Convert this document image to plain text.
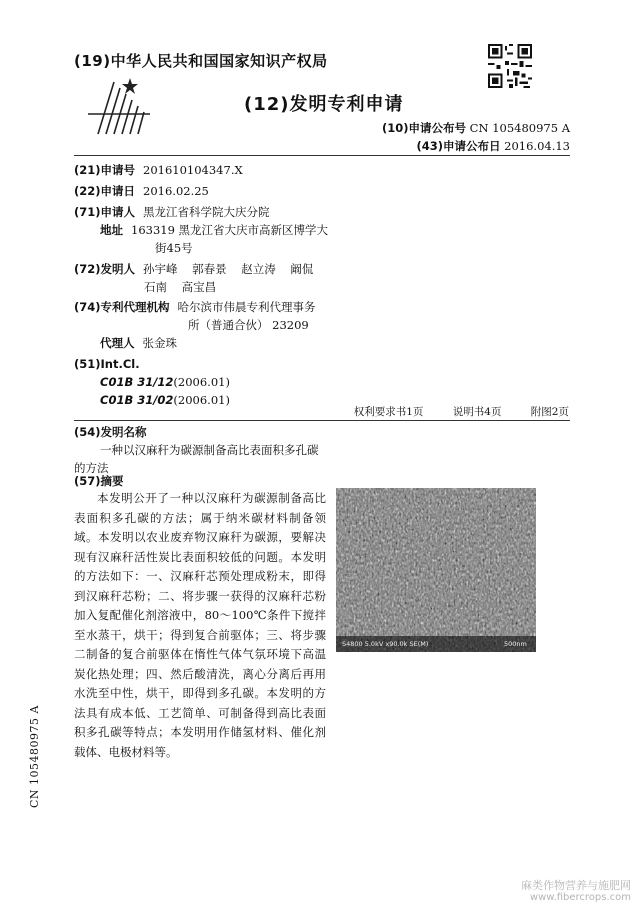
(19)中华人民共和国国家知识产权局
(12)发明专利申请
(10)申请公布号 CN 105480975 A
(43)申请公布日 2016.04.13
(21)申请号 201610104347.X
(22)申请日 2016.02.25
(71)申请人 黑龙江省科学院大庆分院
地址 163319 黑龙江省大庆市高新区博学大
街45号
(72)发明人 孙宇峰    郭春景    赵立涛    阚侃
石南    高宝昌
(74)专利代理机构 哈尔滨市伟晨专利代理事务
所（普通合伙） 23209
代理人 张金珠
(51)Int.Cl.
C01B 31/12(2006.01)
C01B 31/02(2006.01)
权利要求书1页    说明书4页    附图2页
(54)发明名称
一种以汉麻秆为碳源制备高比表面积多孔碳
的方法
(57)摘要
本发明公开了一种以汉麻秆为碳源制备高比表面积多孔碳的方法；属于纳米碳材料制备领域。本发明以农业废弃物汉麻秆为碳源，要解决现有汉麻秆活性炭比表面积较低的问题。本发明的方法如下：一、汉麻秆芯预处理成粉末，即得到汉麻秆芯粉；二、将步骤一获得的汉麻秆芯粉加入复配催化剂溶液中，80～100℃条件下搅拌至水蒸干，烘干；得到复合前驱体；三、将步骤二制备的复合前驱体在惰性气体气氛环境下高温炭化热处理；四、然后酸清洗，离心分离后再用水洗至中性，烘干，即得到多孔碳。本发明的方法具有成本低、工艺简单、可制备得到高比表面积多孔碳等特点；本发明用作储氢材料、催化剂载体、电极材料等。
S4800 5.0kV x90.0k SE(M)	500nm
CN 105480975 A
麻类作物营养与施肥网
www.fibercrops.com
